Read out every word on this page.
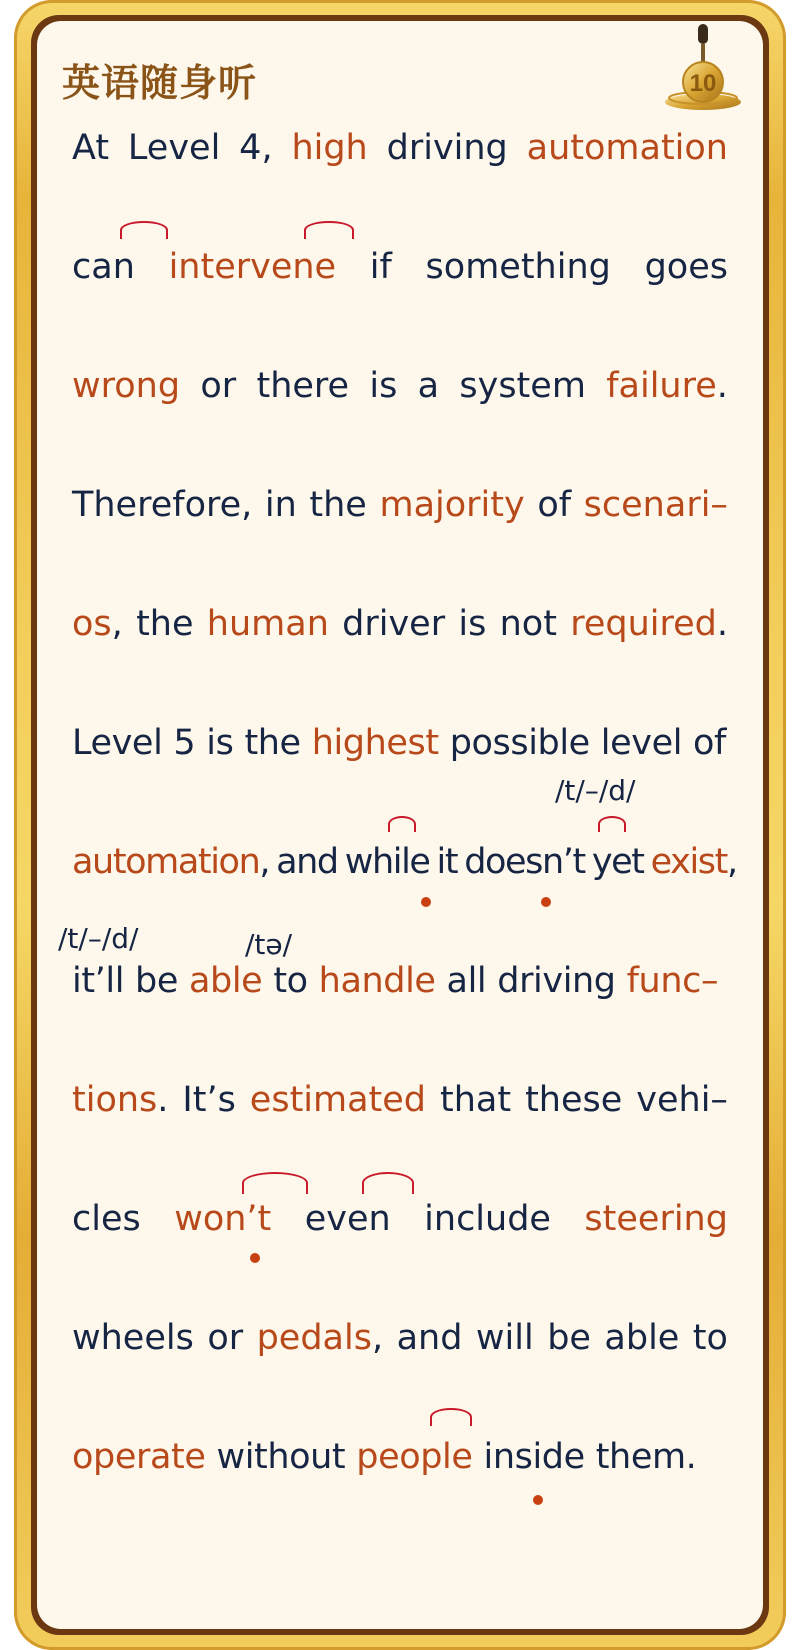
英语随身听	10
At Level 4, high driving automation
can intervene if something goes
wrong or there is a system failure.
Therefore, in the majority of scenari–
os, the human driver is not required.
Level 5 is the highest possible level of
automation, and while it doesn’t yet exist,
it’ll be able to handle all driving func–
tions. It’s estimated that these vehi–
cles won’t even include steering
wheels or pedals, and will be able to
operate without people inside them.
/t/–/d/
/t/–/d/	/tə/
